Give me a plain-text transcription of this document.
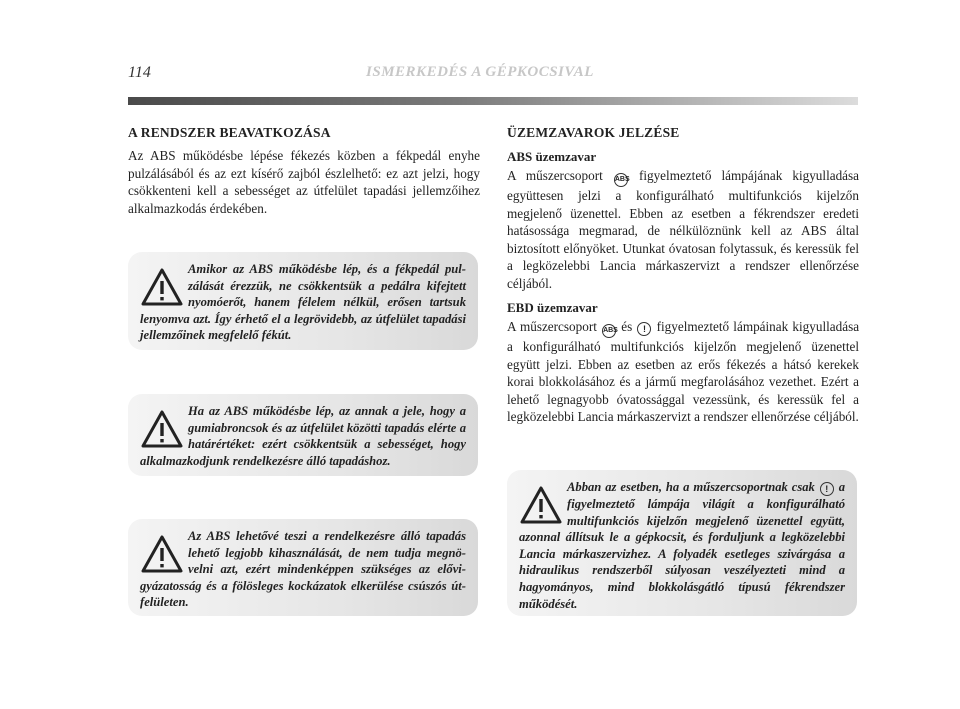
114	ISMERKEDÉS A GÉPKOCSIVAL
A RENDSZER BEAVATKOZÁSA

Az ABS működésbe lépése fékezés közben a fékpedál enyhe pulzálásából és az ezt kísérő zajból észlelhető: ez azt jelzi, hogy csökkenteni kell a sebességet az útfelület tapadási jellemzőihez alkalmazkodás érdekében.

Amikor az ABS működésbe lép, és a fékpedál pulzálását érezzük, ne csökkentsük a pedálra kifejtett nyomóerőt, hanem félelem nélkül, erősen tartsuk lenyomva azt. Így érhető el a legrövidebb, az útfelület tapadási jellemzőinek megfelelő fékút.

Ha az ABS működésbe lép, az annak a jele, hogy a gumiabroncsok és az útfelület közötti tapadás elérte a határértéket: ezért csökkentsük a sebességet, hogy alkalmazkodjunk rendelkezésre álló tapadáshoz.

Az ABS lehetővé teszi a rendelkezésre álló tapadás lehető legjobb kihasználását, de nem tudja megnövelni azt, ezért mindenképpen szükséges az elővigyázatosság és a fölösleges kockázatok elkerülése csúszós útfelületen.

ÜZEMZAVAROK JELZÉSE
ABS üzemzavar

A műszercsoport ABS figyelmeztető lámpájának kigyulladása együttesen jelzi a konfigurálható multifunkciós kijelzőn megjelenő üzenettel. Ebben az esetben a fékrendszer eredeti hatásossága megmarad, de nélkülöznünk kell az ABS által biztosított előnyöket. Utunkat óvatosan folytassuk, és keressük fel a legközelebbi Lancia márkaszervizt a rendszer ellenőrzése céljából.

EBD üzemzavar

A műszercsoport ABS és ! figyelmeztető lámpáinak kigyulladása a konfigurálható multifunkciós kijelzőn megjelenő üzenettel együtt jelzi. Ebben az esetben az erős fékezés a hátsó kerekek korai blokkolásához és a jármű megfarolásához vezethet. Ezért a lehető legnagyobb óvatossággal vezessünk, és keressük fel a legközelebbi Lancia márkaszervizt a rendszer ellenőrzése céljából.

Abban az esetben, ha a műszercsoportnak csak ! a figyelmeztető lámpája világít a konfigurálható multifunkciós kijelzőn megjelenő üzenettel együtt, azonnal állítsuk le a gépkocsit, és forduljunk a legközelebbi Lancia márkaszervizhez. A folyadék esetleges szivárgása a hidraulikus rendszerből súlyosan veszélyezteti mind a hagyományos, mind blokkolásgátló típusú fékrendszer működését.
